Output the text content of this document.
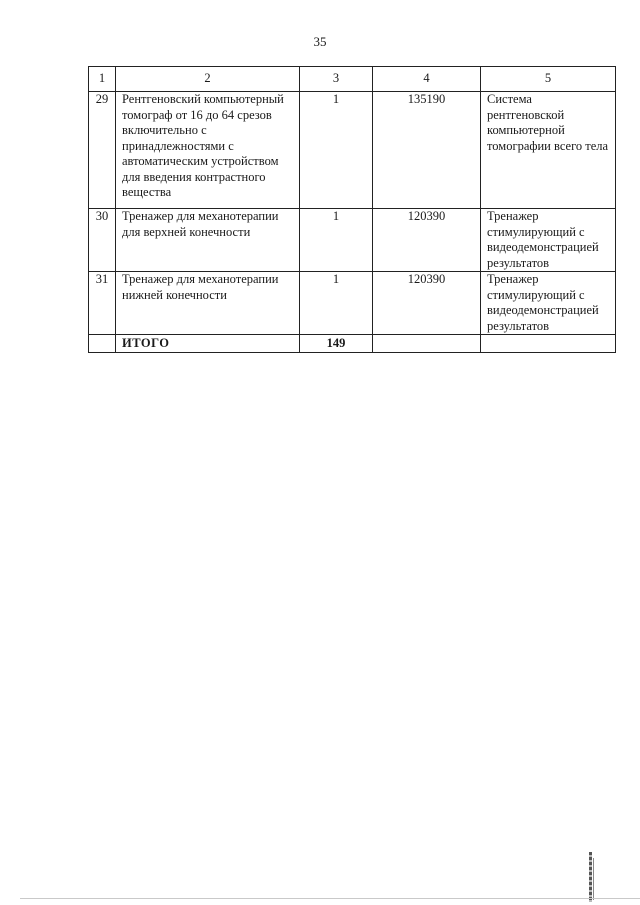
35
1	2	3	4	5
29	Рентгеновский компьютерный томограф от 16 до 64 срезов включительно с принадлежностями с автоматическим устройством для введения контрастного вещества	1	135190	Система рентгеновской компьютерной томографии всего тела
30	Тренажер для механотерапии для верхней конечности	1	120390	Тренажер стимулирующий с видеодемонстрацией результатов
31	Тренажер для механотерапии нижней конечности	1	120390	Тренажер стимулирующий с видеодемонстрацией результатов
	ИТОГО	149		
